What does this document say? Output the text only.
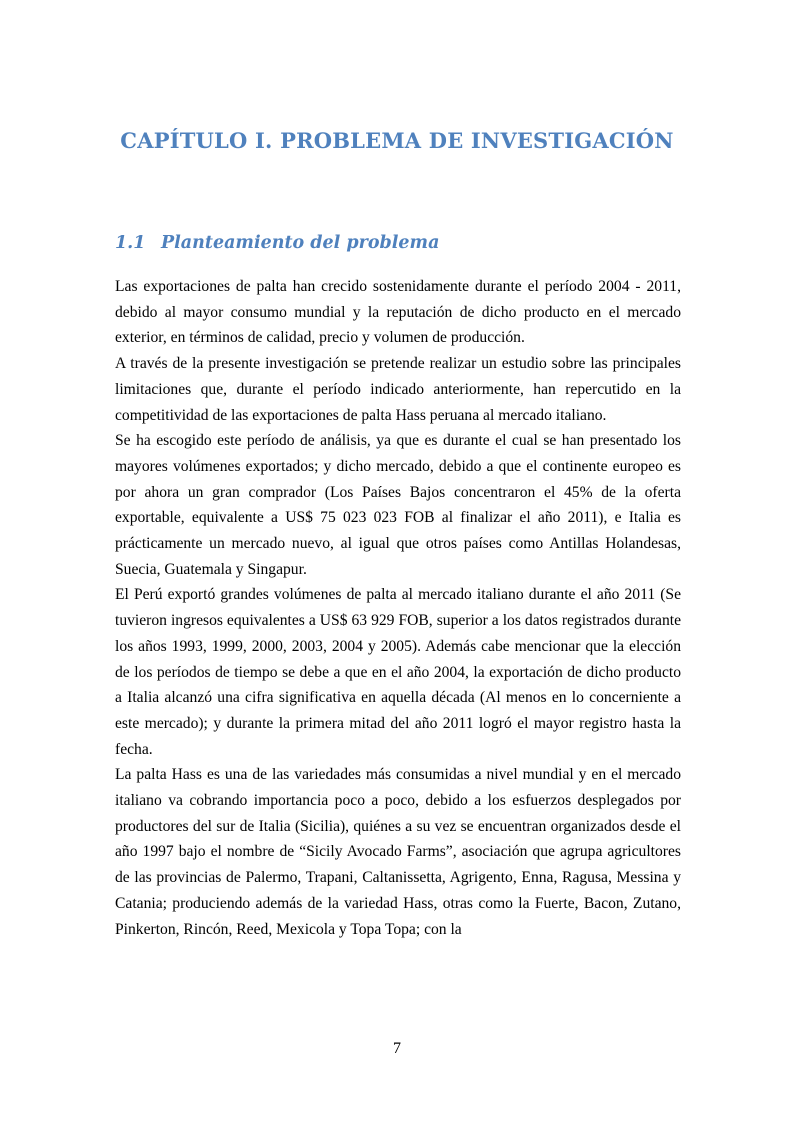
CAPÍTULO I. PROBLEMA DE INVESTIGACIÓN
1.1 Planteamiento del problema

Las exportaciones de palta han crecido sostenidamente durante el período 2004 - 2011, debido al mayor consumo mundial y la reputación de dicho producto en el mercado exterior, en términos de calidad, precio y volumen de producción.

A través de la presente investigación se pretende realizar un estudio sobre las principales limitaciones que, durante el período indicado anteriormente, han repercutido en la competitividad de las exportaciones de palta Hass peruana al mercado italiano.

Se ha escogido este período de análisis, ya que es durante el cual se han presentado los mayores volúmenes exportados; y dicho mercado, debido a que el continente europeo es por ahora un gran comprador (Los Países Bajos concentraron el 45% de la oferta exportable, equivalente a US$ 75 023 023 FOB al finalizar el año 2011), e Italia es prácticamente un mercado nuevo, al igual que otros países como Antillas Holandesas, Suecia, Guatemala y Singapur.

El Perú exportó grandes volúmenes de palta al mercado italiano durante el año 2011 (Se tuvieron ingresos equivalentes a US$ 63 929 FOB, superior a los datos registrados durante los años 1993, 1999, 2000, 2003, 2004 y 2005). Además cabe mencionar que la elección de los períodos de tiempo se debe a que en el año 2004, la exportación de dicho producto a Italia alcanzó una cifra significativa en aquella década (Al menos en lo concerniente a este mercado); y durante la primera mitad del año 2011 logró el mayor registro hasta la fecha.

La palta Hass es una de las variedades más consumidas a nivel mundial y en el mercado italiano va cobrando importancia poco a poco, debido a los esfuerzos desplegados por productores del sur de Italia (Sicilia), quiénes a su vez se encuentran organizados desde el año 1997 bajo el nombre de “Sicily Avocado Farms”, asociación que agrupa agricultores de las provincias de Palermo, Trapani, Caltanissetta, Agrigento, Enna, Ragusa, Messina y Catania; produciendo además de la variedad Hass, otras como la Fuerte, Bacon, Zutano, Pinkerton, Rincón, Reed, Mexicola y Topa Topa; con la

7
